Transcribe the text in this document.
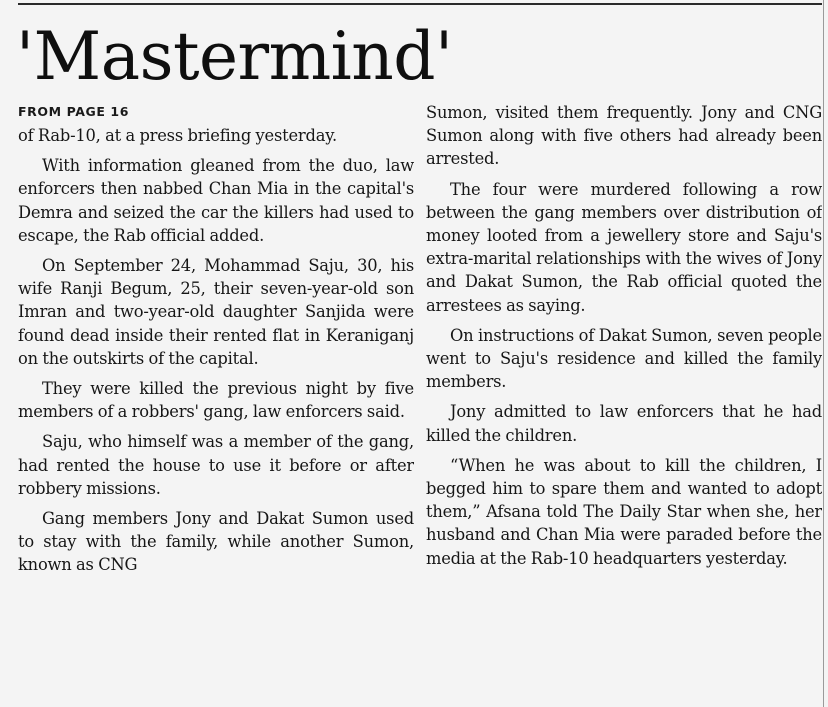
'Mastermind'
FROM PAGE 16

of Rab-10, at a press briefing yesterday.

With information gleaned from the duo, law enforcers then nabbed Chan Mia in the capital's Demra and seized the car the killers had used to escape, the Rab official added.

On September 24, Mohammad Saju, 30, his wife Ranji Begum, 25, their seven-year-old son Imran and two-year-old daughter Sanjida were found dead inside their rented flat in Keraniganj on the outskirts of the capital.

They were killed the previous night by five members of a robbers' gang, law enforcers said.

Saju, who himself was a member of the gang, had rented the house to use it before or after robbery missions.

Gang members Jony and Dakat Sumon used to stay with the family, while another Sumon, known as CNG

Sumon, visited them frequently. Jony and CNG Sumon along with five others had already been arrested.

The four were murdered following a row between the gang members over distribution of money looted from a jewellery store and Saju's extra-marital relationships with the wives of Jony and Dakat Sumon, the Rab official quoted the arrestees as saying.

On instructions of Dakat Sumon, seven people went to Saju's residence and killed the family members.

Jony admitted to law enforcers that he had killed the children.

“When he was about to kill the children, I begged him to spare them and wanted to adopt them,” Afsana told The Daily Star when she, her husband and Chan Mia were paraded before the media at the Rab-10 headquarters yesterday.
